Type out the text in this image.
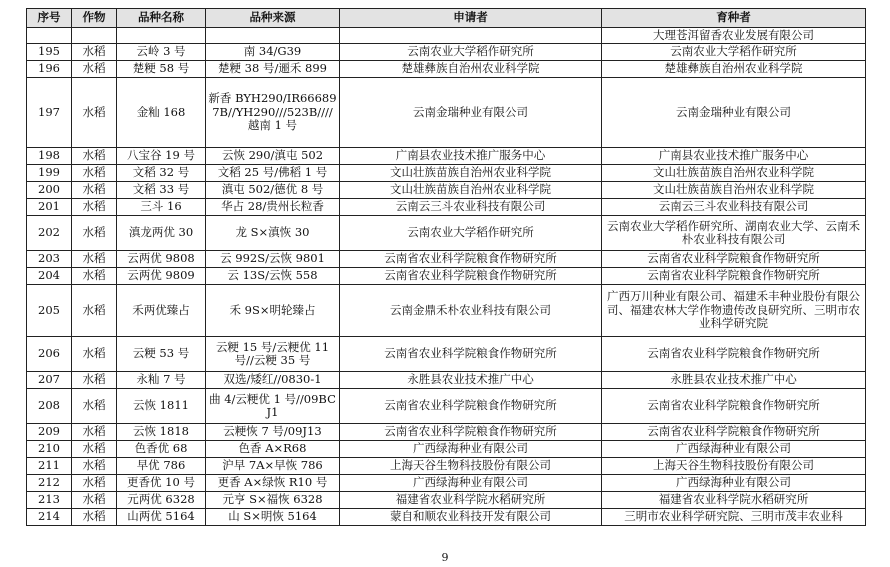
序号	作物	品种名称	品种来源	申请者	育种者
					大理苍洱留香农业发展有限公司
195	水稻	云岭 3 号	南 34/G39	云南农业大学稻作研究所	云南农业大学稻作研究所
196	水稻	楚粳 58 号	楚粳 38 号/逦禾 899	楚雄彝族自治州农业科学院	楚雄彝族自治州农业科学院
197	水稻	金籼 168	新香 BYH290/IR666897B//YH290///523B////越南 1 号	云南金瑞种业有限公司	云南金瑞种业有限公司
198	水稻	八宝谷 19 号	云恢 290/滇屯 502	广南县农业技术推广服务中心	广南县农业技术推广服务中心
199	水稻	文稻 32 号	文稻 25 号/佛稻 1 号	文山壮族苗族自治州农业科学院	文山壮族苗族自治州农业科学院
200	水稻	文稻 33 号	滇屯 502/德优 8 号	文山壮族苗族自治州农业科学院	文山壮族苗族自治州农业科学院
201	水稻	三斗 16	华占 28/贵州长粒香	云南云三斗农业科技有限公司	云南云三斗农业科技有限公司
202	水稻	滇龙两优 30	龙 S×滇恢 30	云南农业大学稻作研究所	云南农业大学稻作研究所、湖南农业大学、云南禾朴农业科技有限公司
203	水稻	云两优 9808	云 992S/云恢 9801	云南省农业科学院粮食作物研究所	云南省农业科学院粮食作物研究所
204	水稻	云两优 9809	云 13S/云恢 558	云南省农业科学院粮食作物研究所	云南省农业科学院粮食作物研究所
205	水稻	禾两优臻占	禾 9S×明轮臻占	云南金鼎禾朴农业科技有限公司	广西万川种业有限公司、福建禾丰种业股份有限公司、福建农林大学作物遗传改良研究所、三明市农业科学研究院
206	水稻	云粳 53 号	云粳 15 号/云粳优 11 号//云粳 35 号	云南省农业科学院粮食作物研究所	云南省农业科学院粮食作物研究所
207	水稻	永籼 7 号	双选/矮红//0830-1	永胜县农业技术推广中心	永胜县农业技术推广中心
208	水稻	云恢 1811	曲 4/云粳优 1 号//09BCJ1	云南省农业科学院粮食作物研究所	云南省农业科学院粮食作物研究所
209	水稻	云恢 1818	云粳恢 7 号/09J13	云南省农业科学院粮食作物研究所	云南省农业科学院粮食作物研究所
210	水稻	色香优 68	色香 A×R68	广西绿海种业有限公司	广西绿海种业有限公司
211	水稻	早优 786	沪早 7A×早恢 786	上海天谷生物科技股份有限公司	上海天谷生物科技股份有限公司
212	水稻	更香优 10 号	更香 A×绿恢 R10 号	广西绿海种业有限公司	广西绿海种业有限公司
213	水稻	元两优 6328	元亨 S×福恢 6328	福建省农业科学院水稻研究所	福建省农业科学院水稻研究所
214	水稻	山两优 5164	山 S×明恢 5164	蒙自和顺农业科技开发有限公司	三明市农业科学研究院、三明市茂丰农业科
9
